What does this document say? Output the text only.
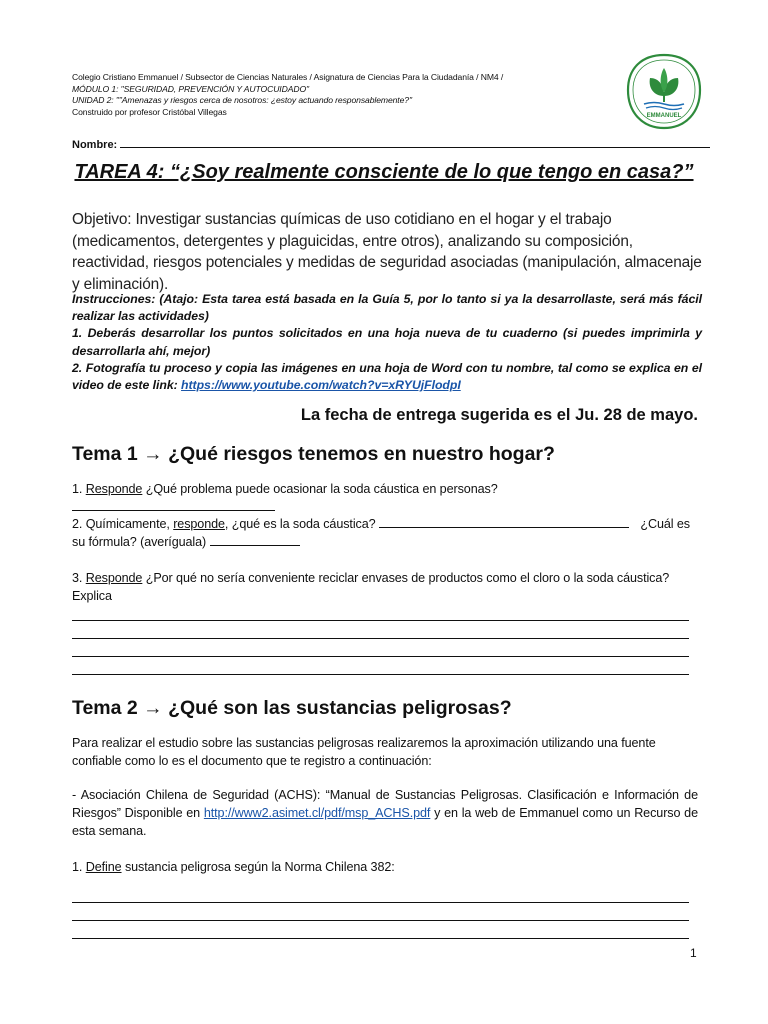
Colegio Cristiano Emmanuel / Subsector de Ciencias Naturales / Asignatura de Ciencias Para la Ciudadanía / NM4 /
MÓDULO 1: "SEGURIDAD, PREVENCIÓN Y AUTOCUIDADO"
UNIDAD 2: ""Amenazas y riesgos cerca de nosotros: ¿estoy actuando responsablemente?"
Construido por profesor Cristóbal Villegas	EMMANUEL
Nombre:
TAREA 4: “¿Soy realmente consciente de lo que tengo en casa?”
Objetivo: Investigar sustancias químicas de uso cotidiano en el hogar y el trabajo (medicamentos, detergentes y plaguicidas, entre otros), analizando su composición, reactividad, riesgos potenciales y medidas de seguridad asociadas (manipulación, almacenaje y eliminación).
Instrucciones: (Atajo: Esta tarea está basada en la Guía 5, por lo tanto si ya la desarrollaste, será más fácil realizar las actividades)
1. Deberás desarrollar los puntos solicitados en una hoja nueva de tu cuaderno (si puedes imprimirla y desarrollarla ahí, mejor)
2. Fotografía tu proceso y copia las imágenes en una hoja de Word con tu nombre, tal como se explica en el video de este link: https://www.youtube.com/watch?v=xRYUjFlodpI
La fecha de entrega sugerida es el Ju. 28 de mayo.
Tema 1 → ¿Qué riesgos tenemos en nuestro hogar?
1. Responde ¿Qué problema puede ocasionar la soda cáustica en personas?
2. Químicamente, responde, ¿qué es la soda cáustica?	¿Cuál es
su fórmula? (averíguala)
3. Responde ¿Por qué no sería conveniente reciclar envases de productos como el cloro o la soda cáustica?
Explica
Tema 2 → ¿Qué son las sustancias peligrosas?
Para realizar el estudio sobre las sustancias peligrosas realizaremos la aproximación utilizando una fuente confiable como lo es el documento que te registro a continuación:
- Asociación Chilena de Seguridad (ACHS): “Manual de Sustancias Peligrosas. Clasificación e Información de Riesgos” Disponible en http://www2.asimet.cl/pdf/msp_ACHS.pdf y en la web de Emmanuel como un Recurso de esta semana.
1. Define sustancia peligrosa según la Norma Chilena 382:
1
